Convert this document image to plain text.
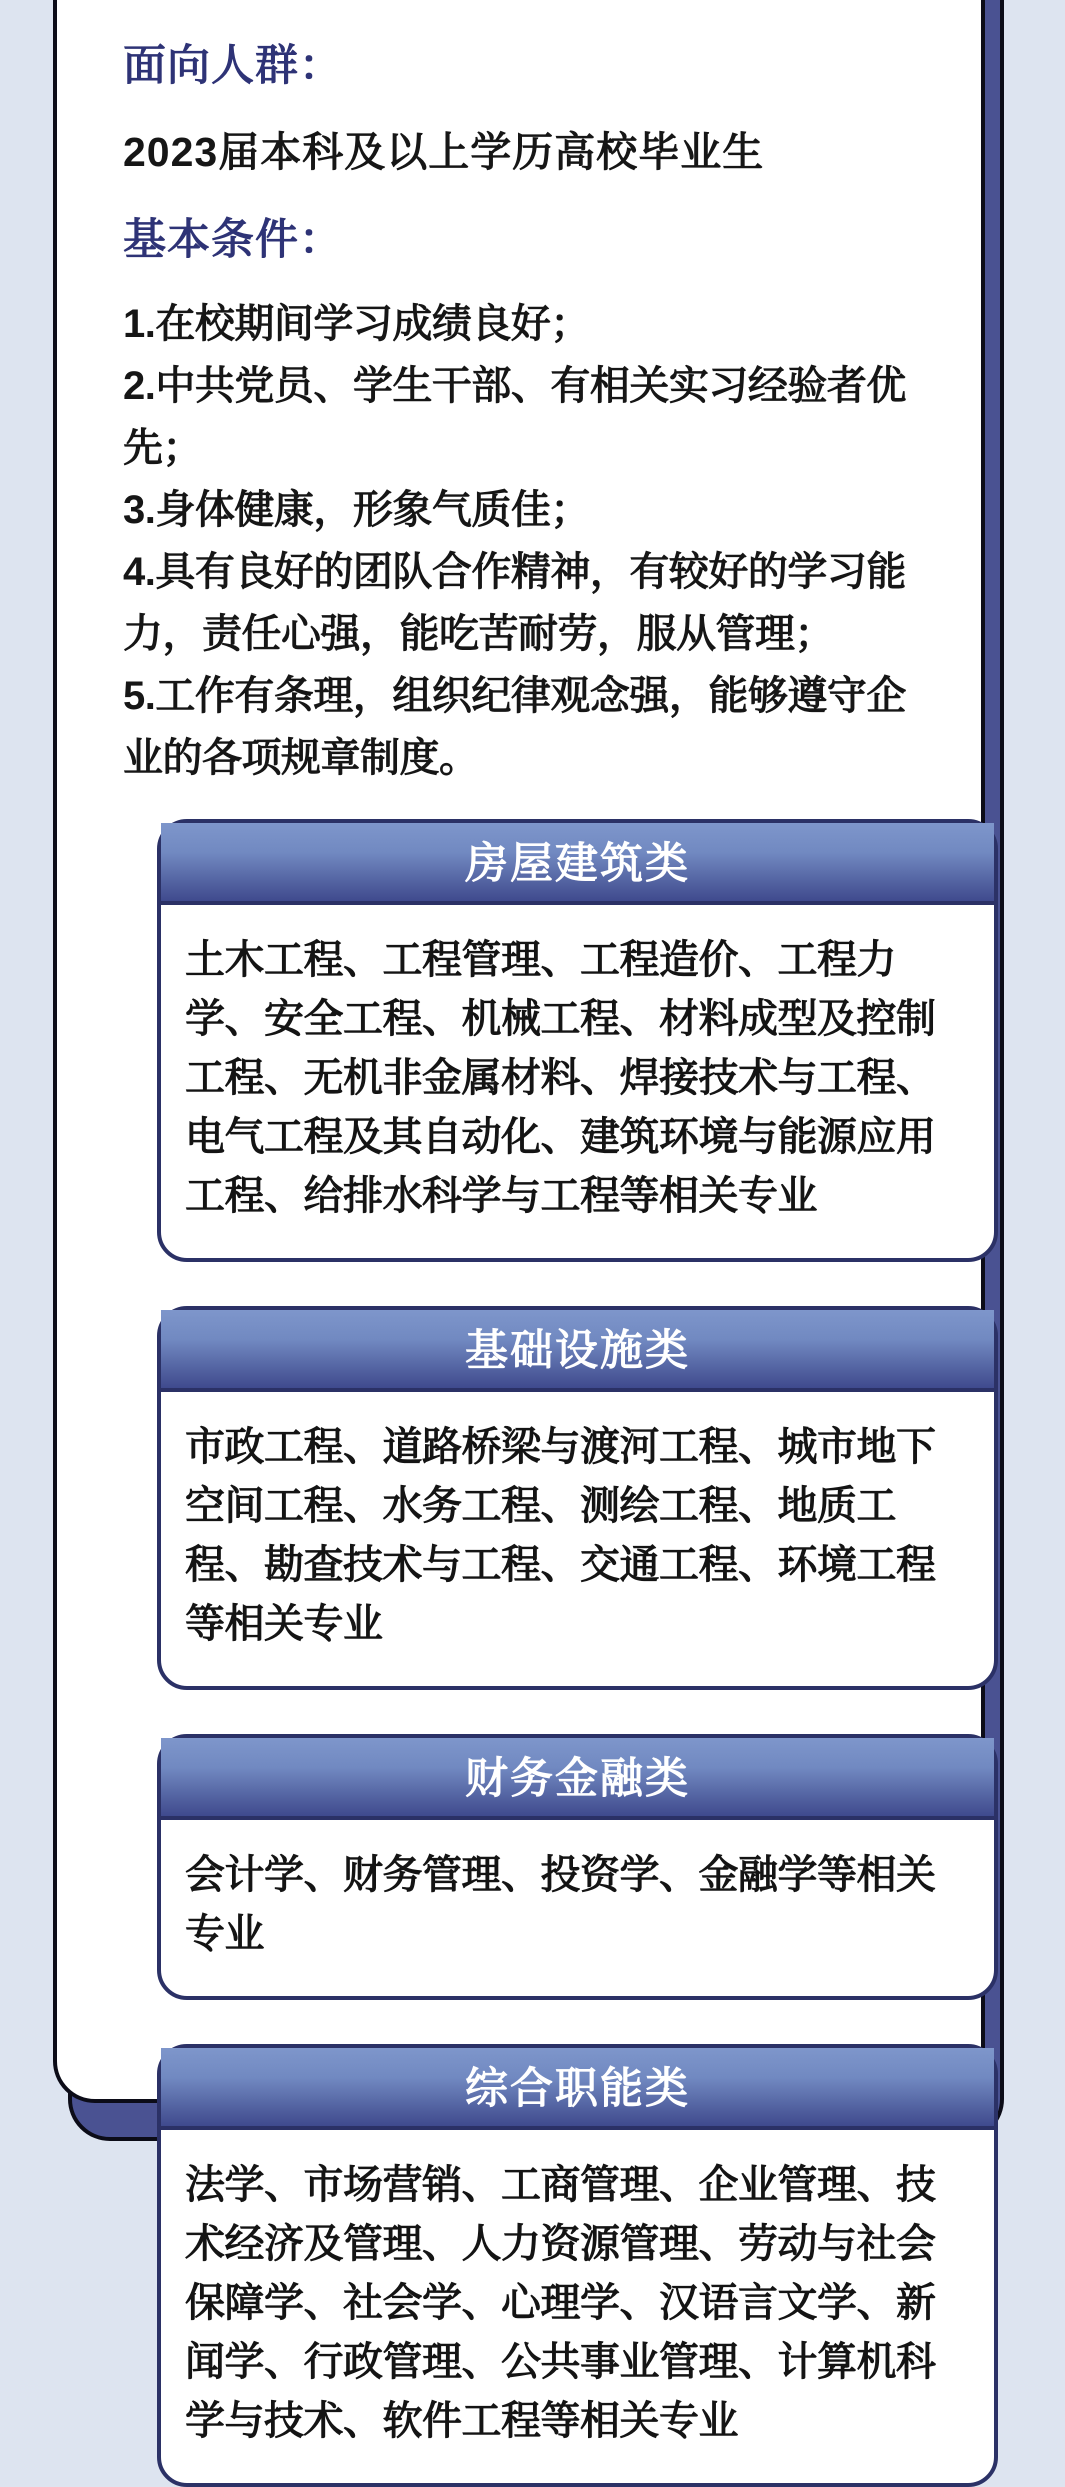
面向人群：
2023届本科及以上学历高校毕业生
基本条件：

1.在校期间学习成绩良好；

2.中共党员、学生干部、有相关实习经验者优先；

3.身体健康，形象气质佳；

4.具有良好的团队合作精神，有较好的学习能力，责任心强，能吃苦耐劳，服从管理；

5.工作有条理，组织纪律观念强，能够遵守企业的各项规章制度。

房屋建筑类
土木工程、工程管理、工程造价、工程力学、安全工程、机械工程、材料成型及控制工程、无机非金属材料、焊接技术与工程、电气工程及其自动化、建筑环境与能源应用工程、给排水科学与工程等相关专业
基础设施类
市政工程、道路桥梁与渡河工程、城市地下空间工程、水务工程、测绘工程、地质工程、勘查技术与工程、交通工程、环境工程等相关专业
财务金融类
会计学、财务管理、投资学、金融学等相关专业
综合职能类
法学、市场营销、工商管理、企业管理、技术经济及管理、人力资源管理、劳动与社会保障学、社会学、心理学、汉语言文学、新闻学、行政管理、公共事业管理、计算机科学与技术、软件工程等相关专业
